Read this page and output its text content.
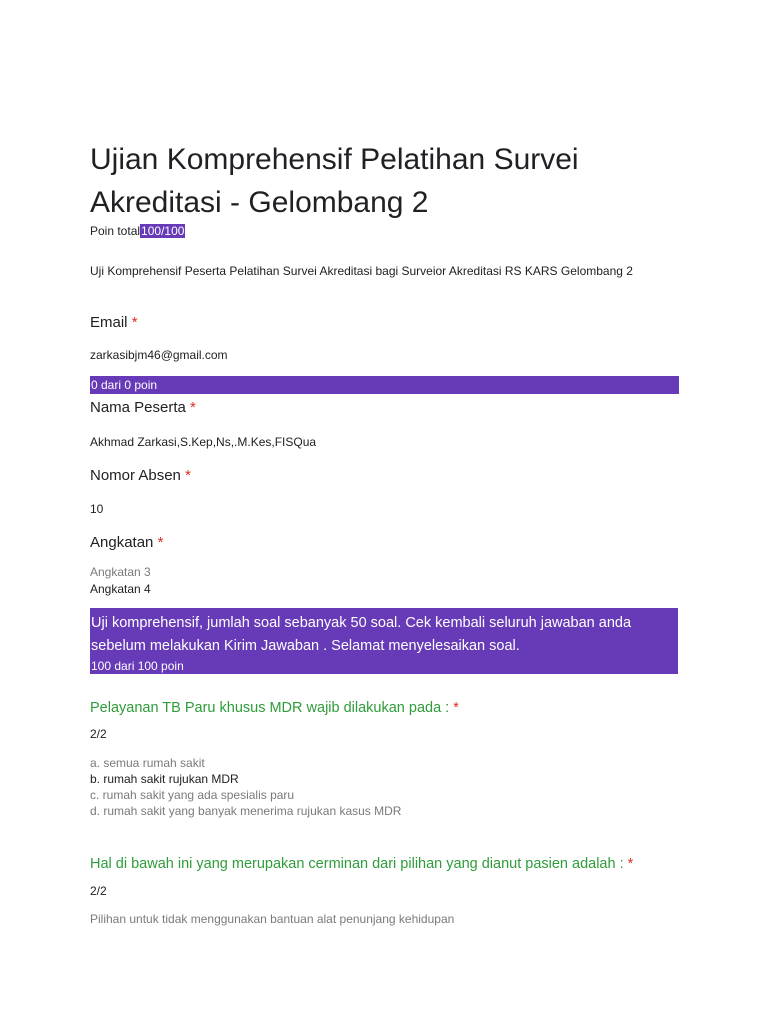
Ujian Komprehensif Pelatihan Survei Akreditasi - Gelombang 2
Poin total100/100
Uji Komprehensif Peserta Pelatihan Survei Akreditasi bagi Surveior Akreditasi RS KARS Gelombang 2
Email *
zarkasibjm46@gmail.com
0 dari 0 poin
Nama Peserta *
Akhmad Zarkasi,S.Kep,Ns,.M.Kes,FISQua
Nomor Absen *
10
Angkatan *
Angkatan 3
Angkatan 4
Uji komprehensif, jumlah soal sebanyak 50 soal. Cek kembali seluruh jawaban anda sebelum melakukan Kirim Jawaban . Selamat menyelesaikan soal.
100 dari 100 poin
Pelayanan TB Paru khusus MDR wajib dilakukan pada : *
2/2
a. semua rumah sakit
b. rumah sakit rujukan MDR
c. rumah sakit yang ada spesialis paru
d. rumah sakit yang banyak menerima rujukan kasus MDR
Hal di bawah ini yang merupakan cerminan dari pilihan yang dianut pasien adalah : *
2/2
Pilihan untuk tidak menggunakan bantuan alat penunjang kehidupan
